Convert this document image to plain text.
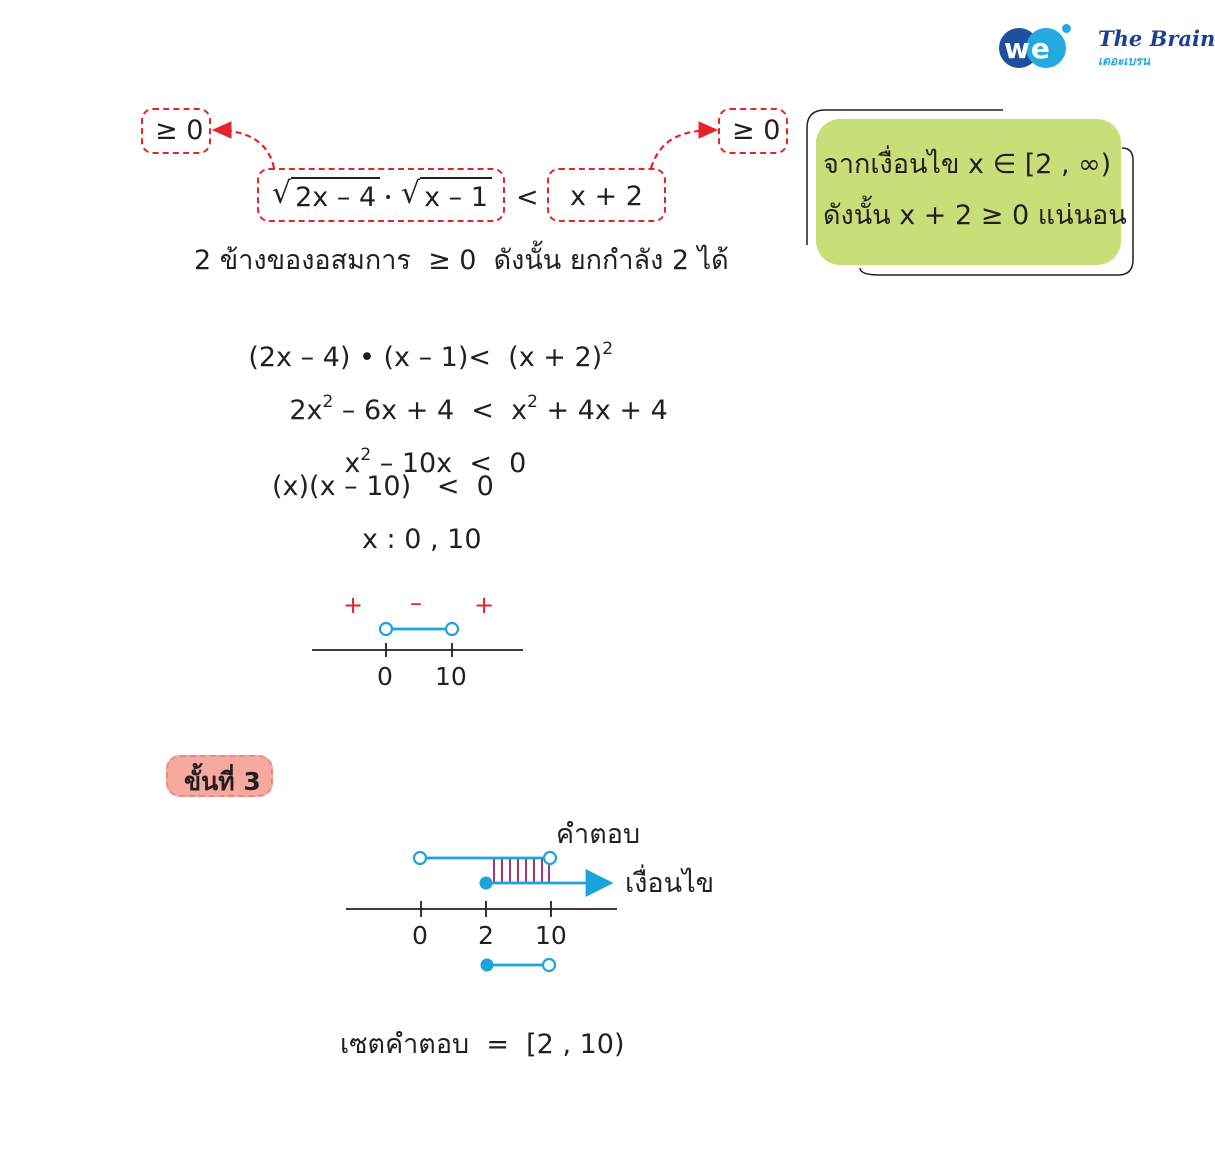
we The Brain
เดอะเบรน
≥ 0	≥ 0
√ 2x – 4 • √ x – 1 < x + 2
จากเงื่อนไข x ∈ [2 , ∞)
ดังนั้น x + 2 ≥ 0 แน่นอน
2 ข้างของอสมการ  ≥ 0  ดังนั้น ยกกำลัง 2 ได้

(2x – 4) • $(x - 1)< (x + 2)^2$

$2x^2 - 6x + 4 < x^2 + 4x + 4$

$x^2 - 10x < 0$

(x)(x – 10)   <  0
x : 0 , 10
+ – +
0 10
ขั้นที่ 3
คำตอบ
เงื่อนไข
0 2 10
เซตคำตอบ  =  [2 , 10)
